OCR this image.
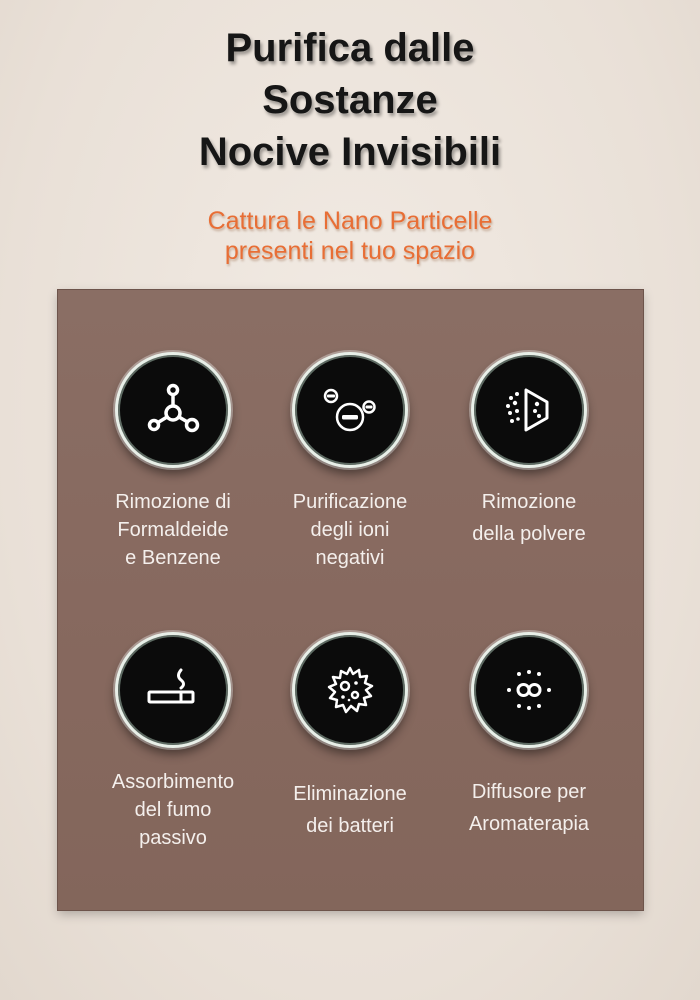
Purifica dalle
Sostanze
Nocive Invisibili
Cattura le Nano Particelle
presenti nel tuo spazio
Rimozione di
Formaldeide
e Benzene
Purificazione
degli ioni
negativi
Rimozione
della polvere
Assorbimento
del fumo
passivo
Eliminazione
dei batteri
Diffusore per
Aromaterapia
